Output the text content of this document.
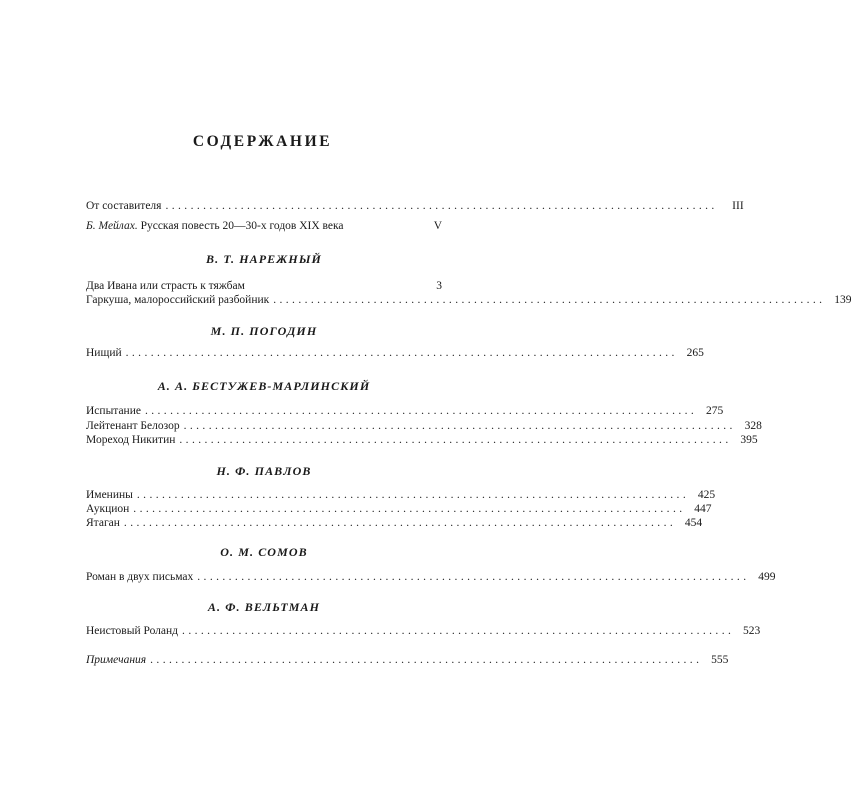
СОДЕРЖАНИЕ
От составителя ........................................................................................	III
Б. Мейлах. Русская повесть 20—30-х годов XIX века	V
В. Т. НАРЕЖНЫЙ
Два Ивана или страсть к тяжбам	3
Гаркуша, малороссийский разбойник ........................................................................................ 139
М. П. ПОГОДИН
Нищий ........................................................................................ 265
А. А. БЕСТУЖЕВ-МАРЛИНСКИЙ
Испытание ........................................................................................ 275
Лейтенант Белозор ........................................................................................ 328
Мореход Никитин ........................................................................................ 395
Н. Ф. ПАВЛОВ
Именины ........................................................................................ 425
Аукцион ........................................................................................ 447
Ятаган ........................................................................................ 454
О. М. СОМОВ
Роман в двух письмах ........................................................................................ 499
А. Ф. ВЕЛЬТМАН
Неистовый Роланд ........................................................................................ 523
Примечания ........................................................................................ 555
